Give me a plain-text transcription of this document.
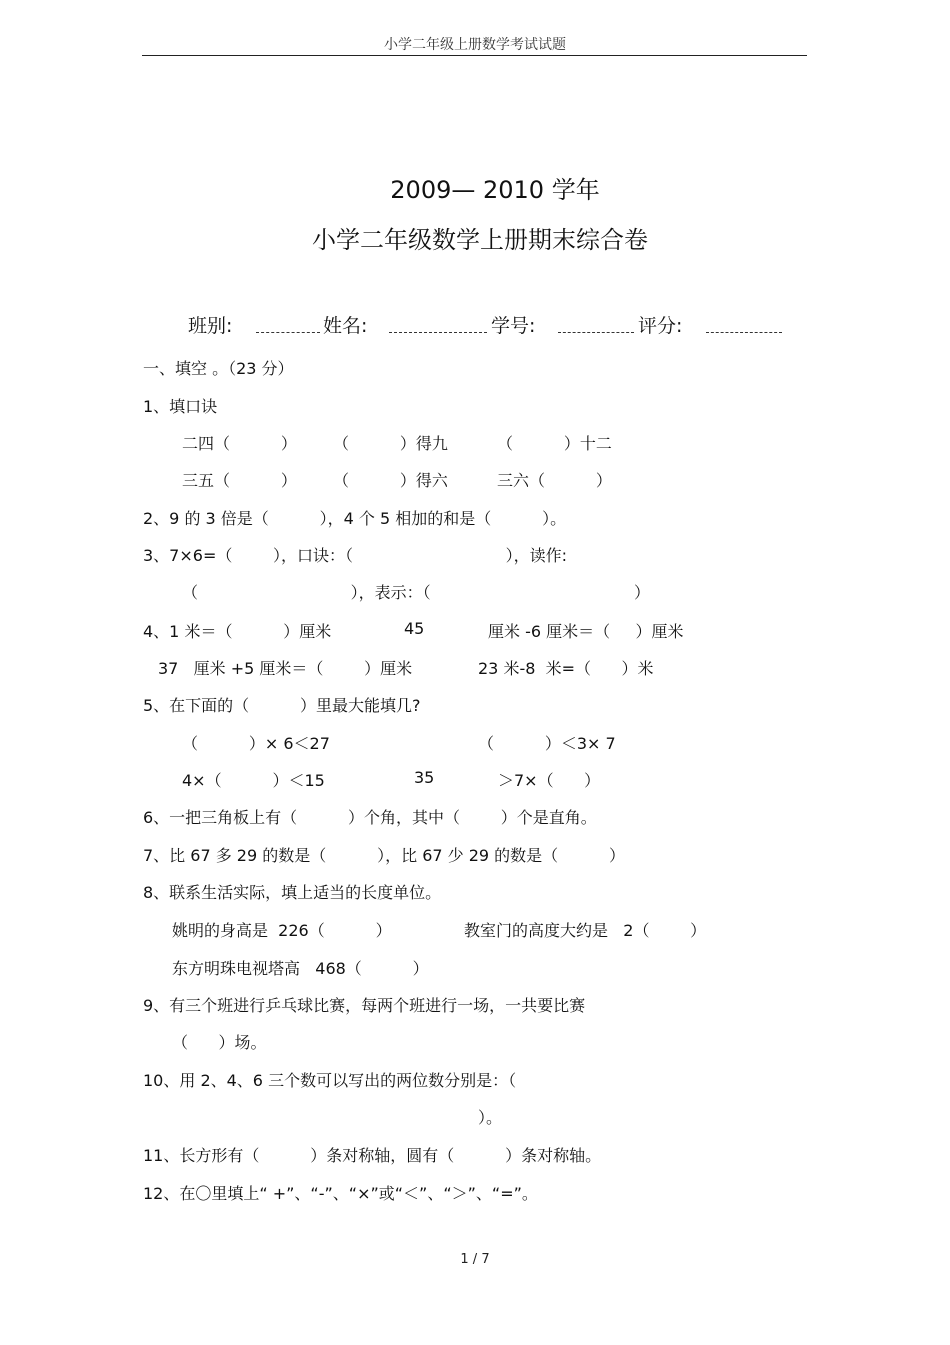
小学二年级上册数学考试试题
2009— 2010 学年
小学二年级数学上册期末综合卷
班别:	姓名:	学号:	评分:
一、填空 。（23 分）
1、填口诀
二四（          ） （          ）得九	（          ）十二
三五（          ） （          ）得六	三六（          ）
2、9 的 3 倍是（          ），4 个 5 相加的和是（          ）。
3、7×6=（        ），口诀：（                              ），读作:
（                              ），表示：（                                        ）
4、1 米＝（          ）厘米	45	厘米 -6 厘米＝（     ）厘米
37   厘米 +5 厘米＝（        ）厘米	23 米-8  米=（      ）米
5、在下面的（          ）里最大能填几?
（          ）× 6＜27	（          ）＜3× 7
4×（          ）＜15	35	＞7×（      ）
6、一把三角板上有（          ）个角，其中（        ）个是直角。
7、比 67 多 29 的数是（          ），比 67 少 29 的数是（          ）
8、联系生活实际，填上适当的长度单位。
姚明的身高是  226（          ）	教室门的高度大约是   2（        ）
东方明珠电视塔高   468（          ）
9、有三个班进行乒乓球比赛，每两个班进行一场，一共要比赛
（      ）场。
10、用 2、4、6 三个数可以写出的两位数分别是：（
）。
11、长方形有（          ）条对称轴，圆有（          ）条对称轴。
12、在〇里填上“ +”、“-”、“×”或“＜”、“＞”、“=”。
1 / 7
